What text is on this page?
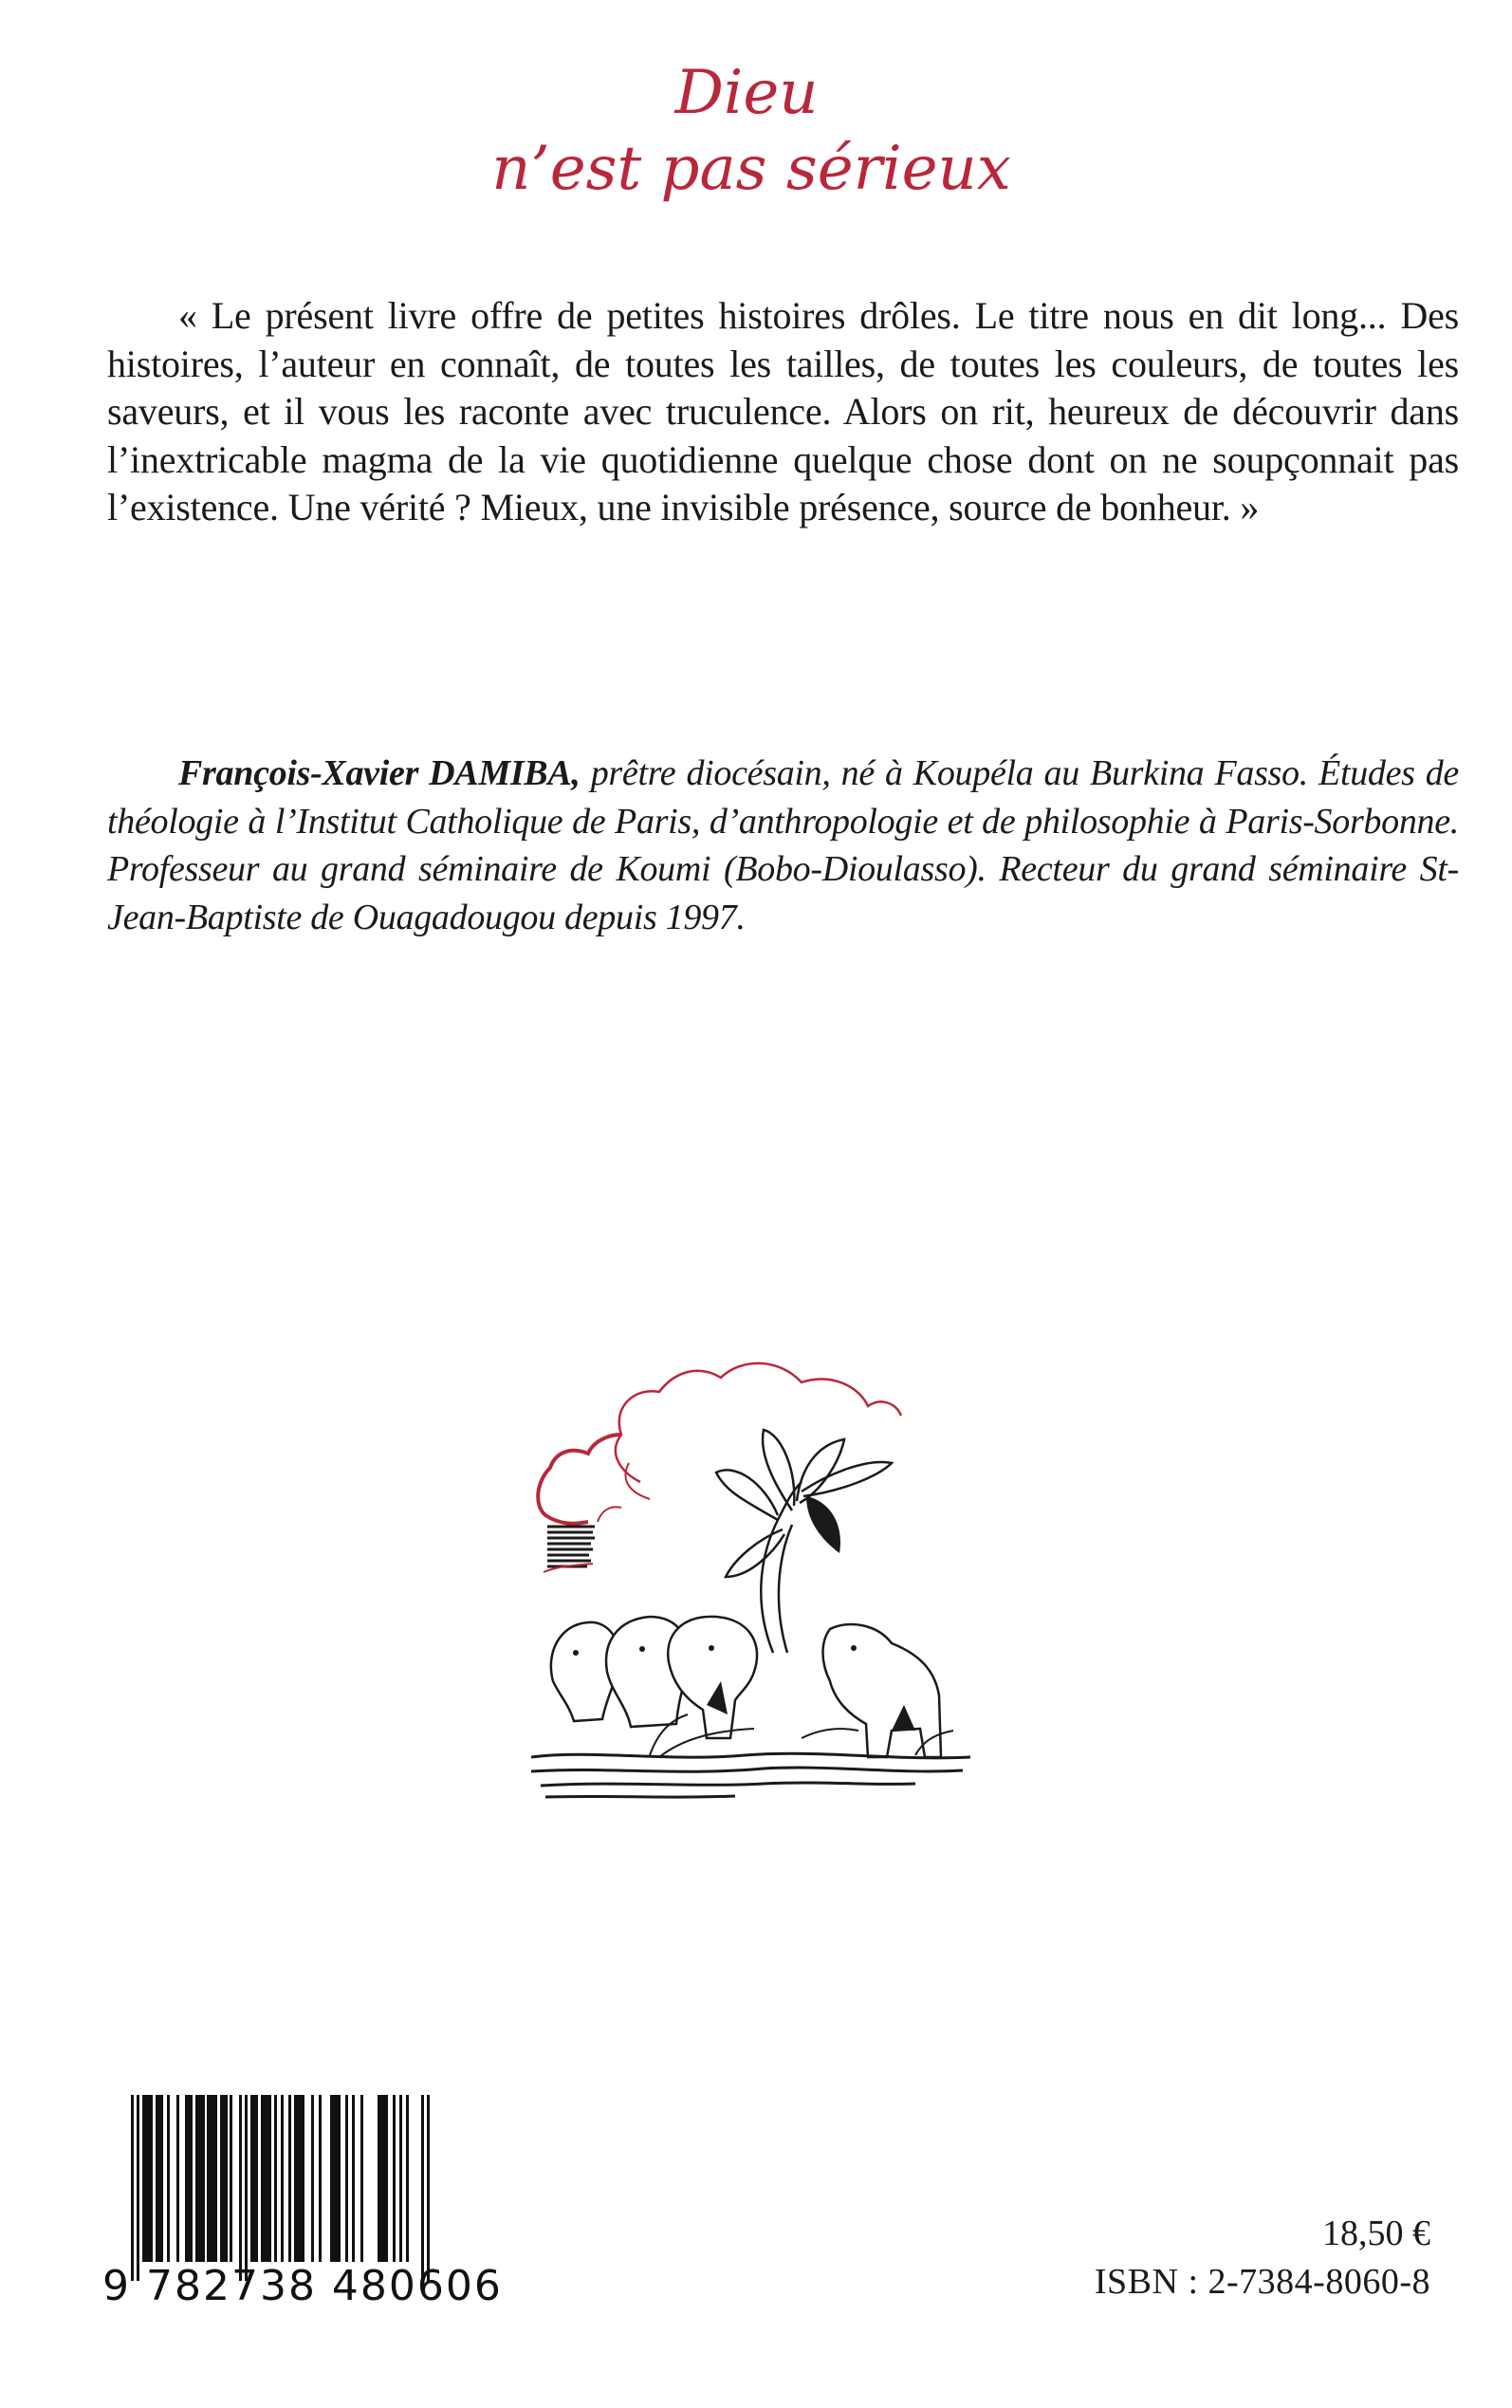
Dieu
n’est pas sérieux

« Le présent livre offre de petites histoires drôles. Le titre nous en dit long... Des histoires, l’auteur en connaît, de toutes les tailles, de toutes les couleurs, de toutes les saveurs, et il vous les raconte avec truculence. Alors on rit, heureux de découvrir dans l’inextricable magma de la vie quotidienne quelque chose dont on ne soupçonnait pas l’existence. Une vérité ? Mieux, une invisible présence, source de bonheur. »

François-Xavier DAMIBA, prêtre diocésain, né à Koupéla au Burkina Fasso. Études de théologie à l’Institut Catholique de Paris, d’anthropologie et de philosophie à Paris-Sorbonne. Professeur au grand séminaire de Koumi (Bobo-Dioulasso). Recteur du grand séminaire St-Jean-Baptiste de Ouagadougou depuis 1997.

9 782738 480606
18,50 €
ISBN : 2-7384-8060-8
